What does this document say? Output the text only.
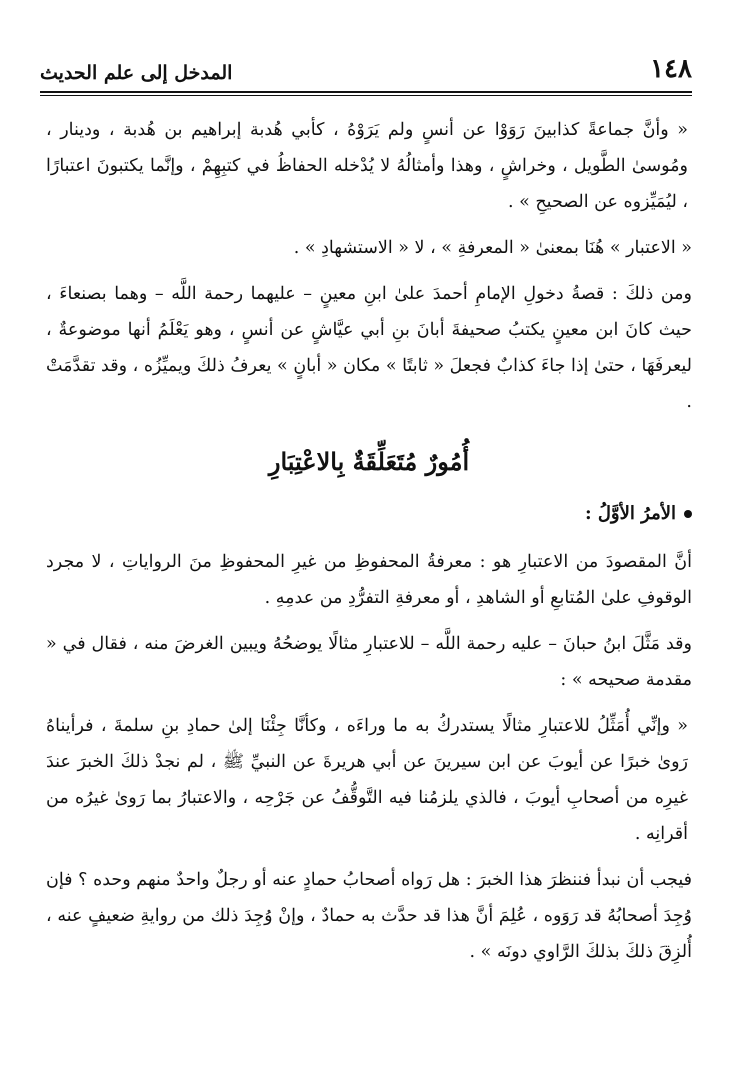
١٤٨
المدخل إلى علم الحديث

« وأنَّ جماعةً كذابينَ رَوَوْا عن أنسٍ ولم يَرَوْهُ ، كأبي هُدبة إبراهيم بن هُدبة ، ودينار ، ومُوسىٰ الطَّويل ، وخراشٍ ، وهذا وأمثالُهُ لا يُدْخله الحفاظُ في كتبِهِمْ ، وإنَّما يكتبونَ اعتبارًا ، ليُمَيِّزوه عن الصحيحِ » .

« الاعتبار » هُنَا بمعنىٰ « المعرفةِ » ، لا « الاستشهادِ » .

ومن ذلكَ : قصةُ دخولِ الإمامِ أحمدَ علىٰ ابنِ معينٍ – عليهما رحمة اللَّه – وهما بصنعاءَ ، حيث كانَ ابن معينٍ يكتبُ صحيفةَ أبانَ بنِ أبي عيَّاشٍ عن أنسٍ ، وهو يَعْلَمُ أنها موضوعةٌ ، ليعرفَهَا ، حتىٰ إذا جاءَ كذابٌ فجعلَ « ثابتًا » مكان « أبانٍ » يعرفُ ذلكَ ويميِّزُه ، وقد تقدَّمَتْ .

أُمُورٌ مُتَعَلِّقَةٌ بِالاعْتِبَارِ
الأمرُ الأوَّلُ :

أنَّ المقصودَ من الاعتبارِ هو : معرفةُ المحفوظِ من غيرِ المحفوظِ منَ الرواياتِ ، لا مجرد الوقوفِ علىٰ المُتابعِ أو الشاهدِ ، أو معرفةِ التفرُّدِ من عدمِهِ .

وقد مَثَّلَ ابنُ حبانَ – عليه رحمة اللَّه – للاعتبارِ مثالًا يوضحُهُ ويبين الغرضَ منه ، فقال في « مقدمة صحيحه » :

« وإنِّي أُمَثِّلُ للاعتبارِ مثالًا يستدركُ به ما وراءَه ، وكأنَّا جِئْنَا إلىٰ حمادِ بنِ سلمةَ ، فرأيناهُ رَوىٰ خبرًا عن أيوبَ عن ابن سيرينَ عن أبي هريرةَ عن النبيِّ ﷺ ، لم نجدْ ذلكَ الخبرَ عندَ غيرِه من أصحابِ أيوبَ ، فالذي يلزمُنا فيه التَّوقُّفُ عن جَرْحِه ، والاعتبارُ بما رَوىٰ غيرُه من أقرانِه .

فيجب أن نبدأ فننظرَ هذا الخبرَ : هل رَواه أصحابُ حمادٍ عنه أو رجلٌ واحدٌ منهم وحده ؟ فإن وُجِدَ أصحابُهُ قد رَوَوه ، عُلِمَ أنَّ هذا قد حدَّث به حمادٌ ، وإنْ وُجِدَ ذلك من روايةِ ضعيفٍ عنه ، أُلزِقَ ذلكَ بذلكَ الرَّاوي دونَه » .
